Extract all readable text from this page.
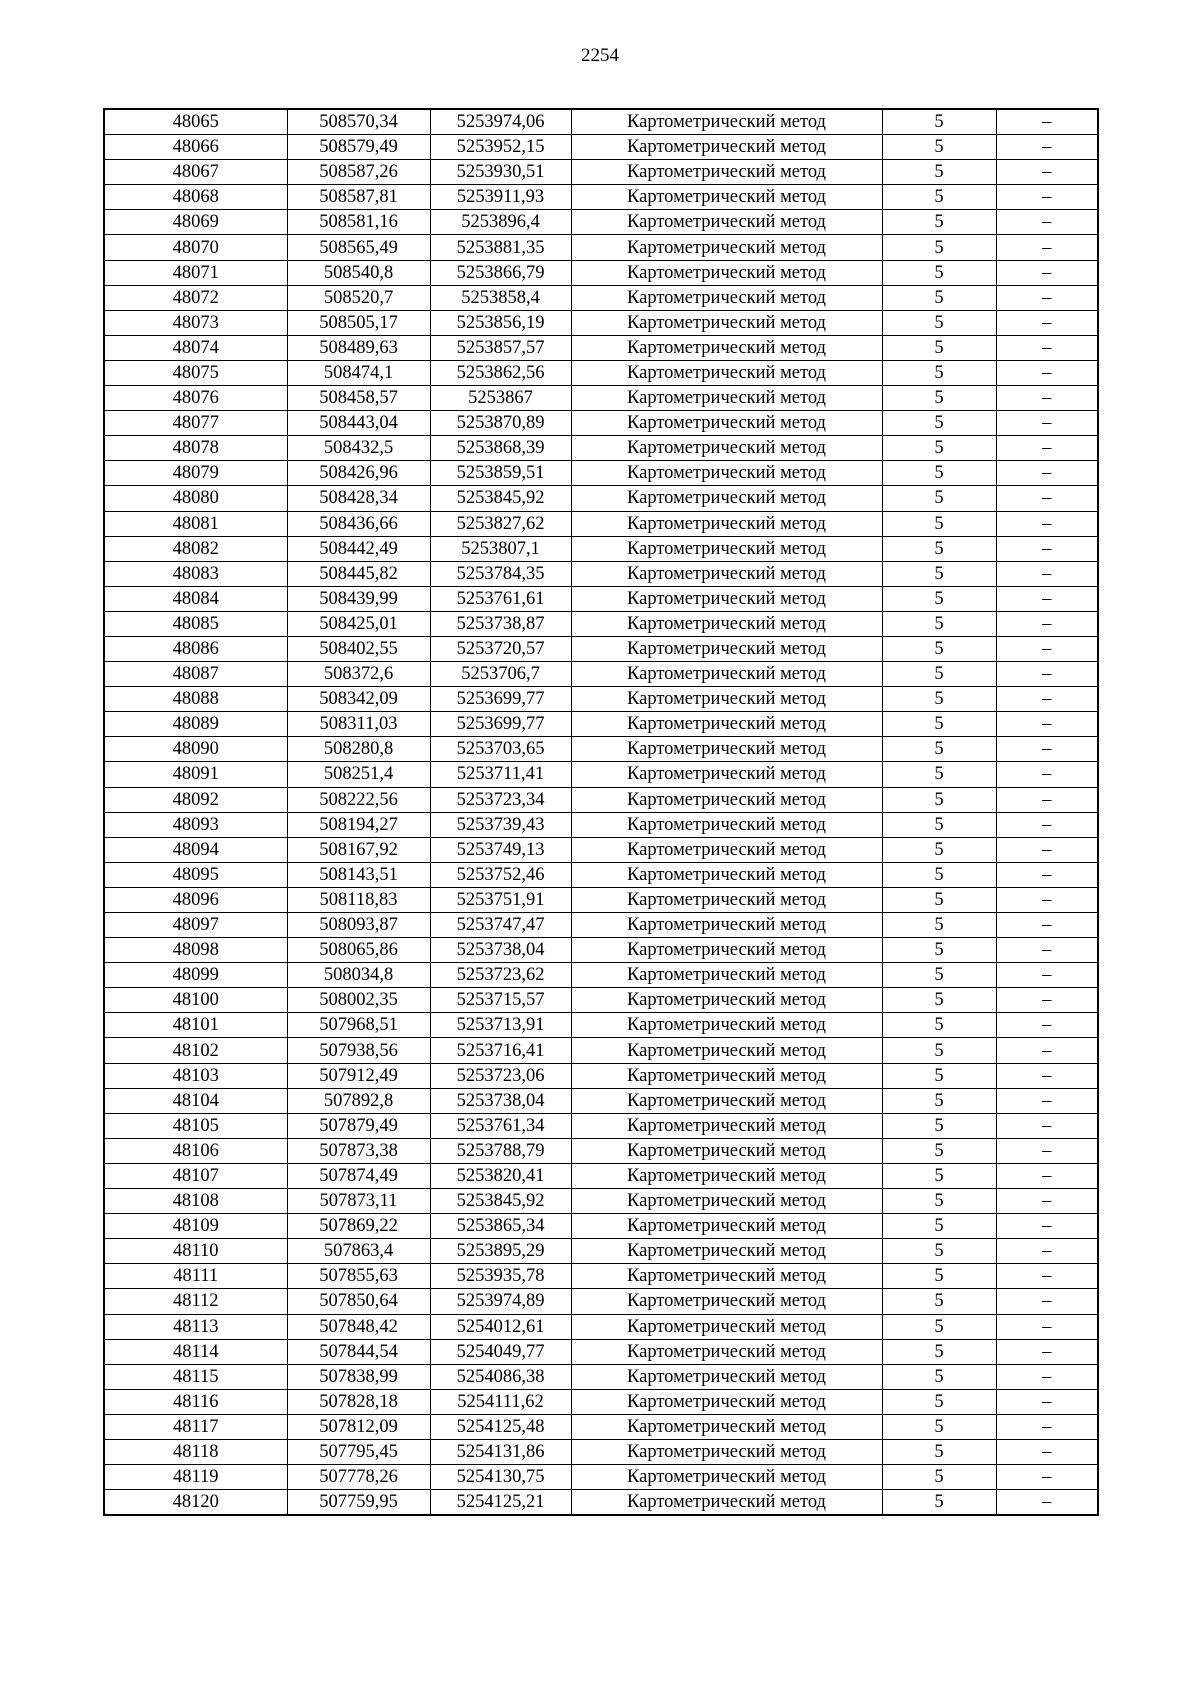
2254
48065	508570,34	5253974,06	Картометрический метод	5	–
48066	508579,49	5253952,15	Картометрический метод	5	–
48067	508587,26	5253930,51	Картометрический метод	5	–
48068	508587,81	5253911,93	Картометрический метод	5	–
48069	508581,16	5253896,4	Картометрический метод	5	–
48070	508565,49	5253881,35	Картометрический метод	5	–
48071	508540,8	5253866,79	Картометрический метод	5	–
48072	508520,7	5253858,4	Картометрический метод	5	–
48073	508505,17	5253856,19	Картометрический метод	5	–
48074	508489,63	5253857,57	Картометрический метод	5	–
48075	508474,1	5253862,56	Картометрический метод	5	–
48076	508458,57	5253867	Картометрический метод	5	–
48077	508443,04	5253870,89	Картометрический метод	5	–
48078	508432,5	5253868,39	Картометрический метод	5	–
48079	508426,96	5253859,51	Картометрический метод	5	–
48080	508428,34	5253845,92	Картометрический метод	5	–
48081	508436,66	5253827,62	Картометрический метод	5	–
48082	508442,49	5253807,1	Картометрический метод	5	–
48083	508445,82	5253784,35	Картометрический метод	5	–
48084	508439,99	5253761,61	Картометрический метод	5	–
48085	508425,01	5253738,87	Картометрический метод	5	–
48086	508402,55	5253720,57	Картометрический метод	5	–
48087	508372,6	5253706,7	Картометрический метод	5	–
48088	508342,09	5253699,77	Картометрический метод	5	–
48089	508311,03	5253699,77	Картометрический метод	5	–
48090	508280,8	5253703,65	Картометрический метод	5	–
48091	508251,4	5253711,41	Картометрический метод	5	–
48092	508222,56	5253723,34	Картометрический метод	5	–
48093	508194,27	5253739,43	Картометрический метод	5	–
48094	508167,92	5253749,13	Картометрический метод	5	–
48095	508143,51	5253752,46	Картометрический метод	5	–
48096	508118,83	5253751,91	Картометрический метод	5	–
48097	508093,87	5253747,47	Картометрический метод	5	–
48098	508065,86	5253738,04	Картометрический метод	5	–
48099	508034,8	5253723,62	Картометрический метод	5	–
48100	508002,35	5253715,57	Картометрический метод	5	–
48101	507968,51	5253713,91	Картометрический метод	5	–
48102	507938,56	5253716,41	Картометрический метод	5	–
48103	507912,49	5253723,06	Картометрический метод	5	–
48104	507892,8	5253738,04	Картометрический метод	5	–
48105	507879,49	5253761,34	Картометрический метод	5	–
48106	507873,38	5253788,79	Картометрический метод	5	–
48107	507874,49	5253820,41	Картометрический метод	5	–
48108	507873,11	5253845,92	Картометрический метод	5	–
48109	507869,22	5253865,34	Картометрический метод	5	–
48110	507863,4	5253895,29	Картометрический метод	5	–
48111	507855,63	5253935,78	Картометрический метод	5	–
48112	507850,64	5253974,89	Картометрический метод	5	–
48113	507848,42	5254012,61	Картометрический метод	5	–
48114	507844,54	5254049,77	Картометрический метод	5	–
48115	507838,99	5254086,38	Картометрический метод	5	–
48116	507828,18	5254111,62	Картометрический метод	5	–
48117	507812,09	5254125,48	Картометрический метод	5	–
48118	507795,45	5254131,86	Картометрический метод	5	–
48119	507778,26	5254130,75	Картометрический метод	5	–
48120	507759,95	5254125,21	Картометрический метод	5	–
